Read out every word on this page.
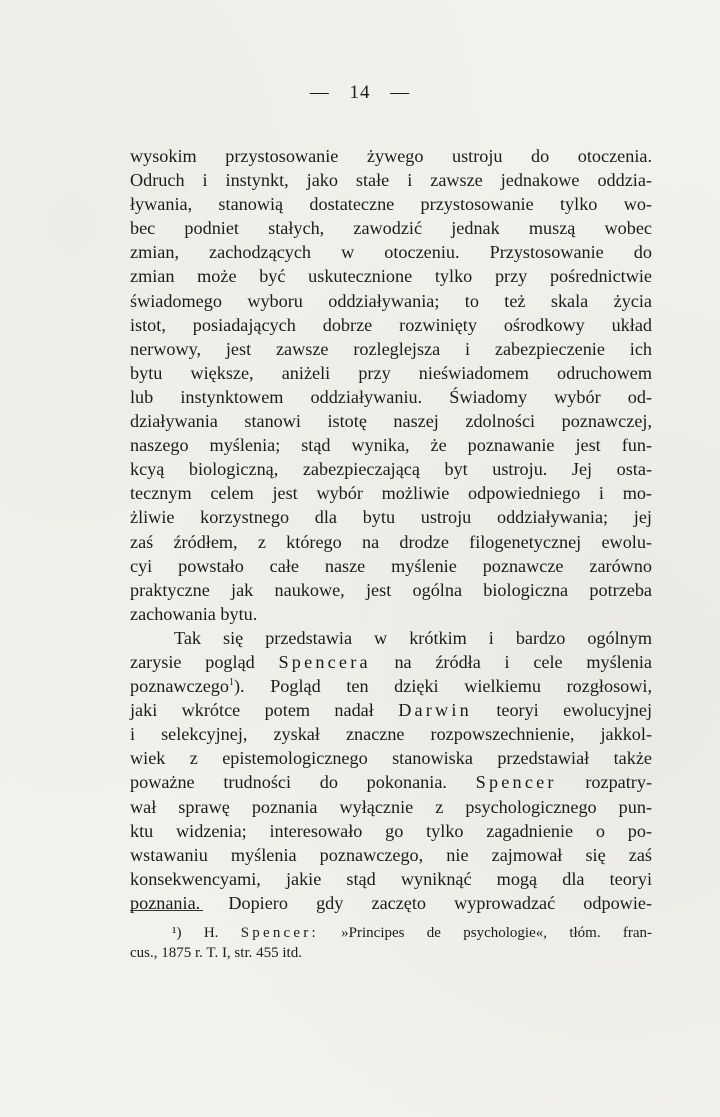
— 14 —
wysokim przystosowanie żywego ustroju do otoczenia.
Odruch i instynkt, jako stałe i zawsze jednakowe oddzia-
ływania, stanowią dostateczne przystosowanie tylko wo-
bec podniet stałych, zawodzić jednak muszą wobec
zmian, zachodzących w otoczeniu. Przystosowanie do
zmian może być uskutecznione tylko przy pośrednictwie
świadomego wyboru oddziaływania; to też skala życia
istot, posiadających dobrze rozwinięty ośrodkowy układ
nerwowy, jest zawsze rozleglejsza i zabezpieczenie ich
bytu większe, aniżeli przy nieświadomem odruchowem
lub instynktowem oddziaływaniu. Świadomy wybór od-
działywania stanowi istotę naszej zdolności poznawczej,
naszego myślenia; stąd wynika, że poznawanie jest fun-
kcyą biologiczną, zabezpieczającą byt ustroju. Jej osta-
tecznym celem jest wybór możliwie odpowiedniego i mo-
żliwie korzystnego dla bytu ustroju oddziaływania; jej
zaś źródłem, z którego na drodze filogenetycznej ewolu-
cyi powstało całe nasze myślenie poznawcze zarówno
praktyczne jak naukowe, jest ogólna biologiczna potrzeba
zachowania bytu.
Tak się przedstawia w krótkim i bardzo ogólnym
zarysie pogląd Spencera na źródła i cele myślenia
poznawczego$^1$). Pogląd ten dzięki wielkiemu rozgłosowi,
jaki wkrótce potem nadał Darwin teoryi ewolucyjnej
i selekcyjnej, zyskał znaczne rozpowszechnienie, jakkol-
wiek z epistemologicznego stanowiska przedstawiał także
poważne trudności do pokonania. Spencer rozpatry-
wał sprawę poznania wyłącznie z psychologicznego pun-
ktu widzenia; interesowało go tylko zagadnienie o po-
wstawaniu myślenia poznawczego, nie zajmował się zaś
konsekwencyami, jakie stąd wyniknąć mogą dla teoryi
poznania. Dopiero gdy zaczęto wyprowadzać odpowie-
¹) H. Spencer: »Principes de psychologie«, tłóm. fran-
cus., 1875 r. T. I, str. 455 itd.
